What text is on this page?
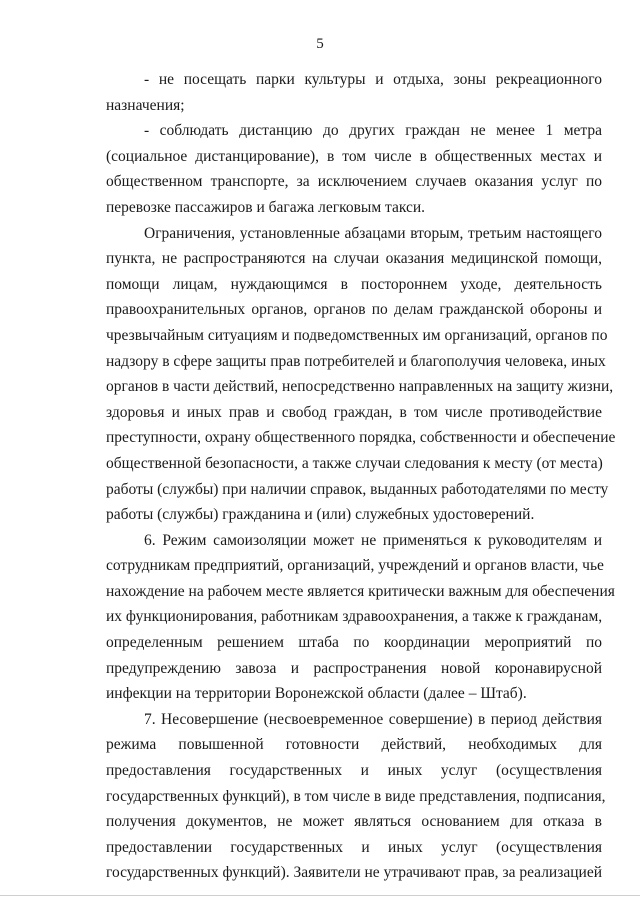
5
- не посещать парки культуры и отдыха, зоны рекреационного
назначения;
- соблюдать дистанцию до других граждан не менее 1 метра
(социальное дистанцирование), в том числе в общественных местах и
общественном транспорте, за исключением случаев оказания услуг по
перевозке пассажиров и багажа легковым такси.
Ограничения, установленные абзацами вторым, третьим настоящего
пункта, не распространяются на случаи оказания медицинской помощи,
помощи лицам, нуждающимся в постороннем уходе, деятельность
правоохранительных органов, органов по делам гражданской обороны и
чрезвычайным ситуациям и подведомственных им организаций, органов по
надзору в сфере защиты прав потребителей и благополучия человека, иных
органов в части действий, непосредственно направленных на защиту жизни,
здоровья и иных прав и свобод граждан, в том числе противодействие
преступности, охрану общественного порядка, собственности и обеспечение
общественной безопасности, а также случаи следования к месту (от места)
работы (службы) при наличии справок, выданных работодателями по месту
работы (службы) гражданина и (или) служебных удостоверений.
6. Режим самоизоляции может не применяться к руководителям и
сотрудникам предприятий, организаций, учреждений и органов власти, чье
нахождение на рабочем месте является критически важным для обеспечения
их функционирования, работникам здравоохранения, а также к гражданам,
определенным решением штаба по координации мероприятий по
предупреждению завоза и распространения новой коронавирусной
инфекции на территории Воронежской области (далее – Штаб).
7. Несовершение (несвоевременное совершение) в период действия
режима повышенной готовности действий, необходимых для
предоставления государственных и иных услуг (осуществления
государственных функций), в том числе в виде представления, подписания,
получения документов, не может являться основанием для отказа в
предоставлении государственных и иных услуг (осуществления
государственных функций). Заявители не утрачивают прав, за реализацией
